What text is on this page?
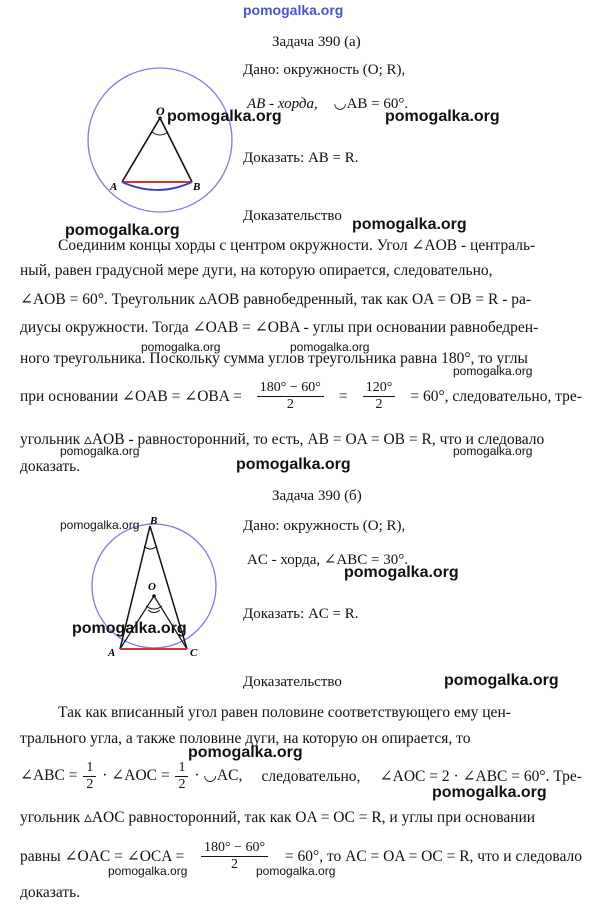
pomogalka.org
Задача 390 (а)
O
A	B
Дано: окружность (O; R),
AB - хорда, ◡AB = 60°.
Доказать: AB = R.
Доказательство
pomogalka.org	pomogalka.org
pomogalka.org	pomogalka.org
Соединим концы хорды с центром окружности. Угол ∠AOB - централь-
ный, равен градусной мере дуги, на которую опирается, следовательно,
∠AOB = 60°. Треугольник ▵AOB равнобедренный, так как OA = OB = R - ра-
диусы окружности. Тогда ∠OAB = ∠OBA - углы при основании равнобедрен-
ного треугольника. Поскольку сумма углов треугольника равна 180°, то углы
pomogalka.org	pomogalka.org
pomogalka.org
при основании ∠OAB = ∠OBA = $\frac{180^\circ - 60^\circ}{2} = \frac{120^\circ}{2} = 60^\circ$, следовательно, тре-
угольник ▵AOB - равносторонний, то есть, AB = OA = OB = R, что и следовало
доказать.
pomogalka.org	pomogalka.org
pomogalka.org
Задача 390 (б)
O
B
A	C
Дано: окружность (O; R),
AC - хорда, ∠ABC = 30°.
Доказать: AC = R.
Доказательство
pomogalka.org
pomogalka.org
pomogalka.org
pomogalka.org
Так как вписанный угол равен половине соответствующего ему цен-
трального угла, а также половине дуги, на которую он опирается, то
pomogalka.org
∠ABC = $\frac{1}{2}$ · ∠AOC = $\frac{1}{2}$ · ◡AC, следовательно, ∠AOC = 2 · ∠ABC = 60°. Тре-
pomogalka.org
угольник ▵AOC равносторонний, так как OA = OC = R, и углы при основании
равны ∠OAC = ∠OCA = $\frac{180^\circ - 60^\circ}{2} = 60^\circ$, то AC = OA = OC = R, что и следовало
pomogalka.org	pomogalka.org
доказать.
